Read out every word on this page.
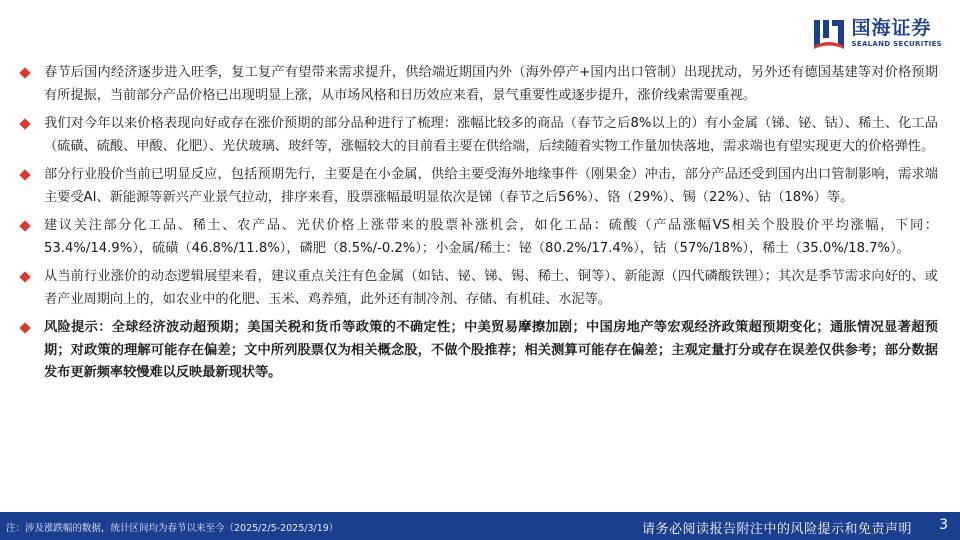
国海证券
SEALAND SECURITIES
春节后国内经济逐步进入旺季，复工复产有望带来需求提升，供给端近期国内外（海外停产+国内出口管制）出现扰动，另外还有德国基建等对价格预期有所提振，当前部分产品价格已出现明显上涨，从市场风格和日历效应来看，景气重要性或逐步提升，涨价线索需要重视。
我们对今年以来价格表现向好或存在涨价预期的部分品种进行了梳理：涨幅比较多的商品（春节之后8%以上的）有小金属（锑、铋、钴）、稀土、化工品（硫磺、硫酸、甲酸、化肥）、光伏玻璃、玻纤等，涨幅较大的目前看主要在供给端，后续随着实物工作量加快落地，需求端也有望实现更大的价格弹性。
部分行业股价当前已明显反应，包括预期先行，主要是在小金属，供给主要受海外地缘事件（刚果金）冲击，部分产品还受到国内出口管制影响，需求端主要受AI、新能源等新兴产业景气拉动，排序来看，股票涨幅最明显依次是锑（春节之后56%）、铬（29%）、锡（22%）、钴（18%）等。
建议关注部分化工品、稀土、农产品、光伏价格上涨带来的股票补涨机会，如化工品：硫酸（产品涨幅VS相关个股股价平均涨幅，下同：53.4%/14.9%），硫磺（46.8%/11.8%），磷肥（8.5%/-0.2%）；小金属/稀土：铋（80.2%/17.4%），钴（57%/18%），稀土（35.0%/18.7%）。
从当前行业涨价的动态逻辑展望来看，建议重点关注有色金属（如钴、铋、锑、锡、稀土、铜等）、新能源（四代磷酸铁锂）；其次是季节需求向好的、或者产业周期向上的，如农业中的化肥、玉米、鸡养殖，此外还有制冷剂、存储、有机硅、水泥等。
风险提示：全球经济波动超预期；美国关税和货币等政策的不确定性；中美贸易摩擦加剧；中国房地产等宏观经济政策超预期变化；通胀情况显著超预期；对政策的理解可能存在偏差；文中所列股票仅为相关概念股，不做个股推荐；相关测算可能存在偏差；主观定量打分或存在误差仅供参考；部分数据发布更新频率较慢难以反映最新现状等。
注：涉及涨跌幅的数据，统计区间均为春节以来至今（2025/2/5-2025/3/19）	请务必阅读报告附注中的风险提示和免责声明 3
